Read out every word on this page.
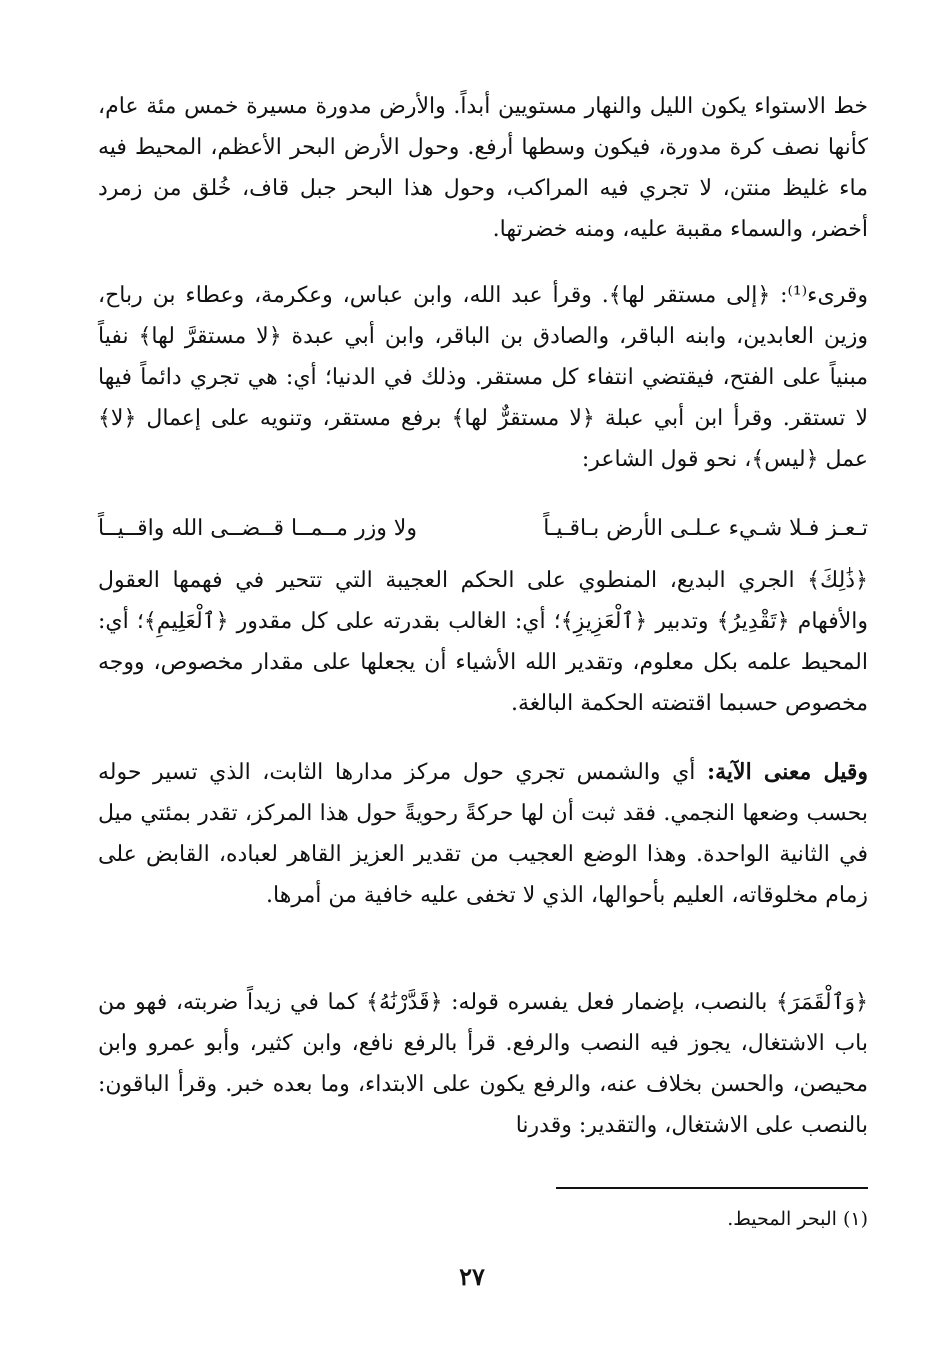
خط الاستواء يكون الليل والنهار مستويين أبداً. والأرض مدورة مسيرة خمس مئة عام، كأنها نصف كرة مدورة، فيكون وسطها أرفع. وحول الأرض البحر الأعظم، المحيط فيه ماء غليظ منتن، لا تجري فيه المراكب، وحول هذا البحر جبل قاف، خُلق من زمرد أخضر، والسماء مقببة عليه، ومنه خضرتها.

وقرىء⁽¹⁾: ﴿إلى مستقر لها﴾. وقرأ عبد الله، وابن عباس، وعكرمة، وعطاء بن رباح، وزين العابدين، وابنه الباقر، والصادق بن الباقر، وابن أبي عبدة ﴿لا مستقرَّ لها﴾ نفياً مبنياً على الفتح، فيقتضي انتفاء كل مستقر. وذلك في الدنيا؛ أي: هي تجري دائماً فيها لا تستقر. وقرأ ابن أبي عبلة ﴿لا مستقرٌّ لها﴾ برفع مستقر، وتنويه على إعمال ﴿لا﴾ عمل ﴿ليس﴾، نحو قول الشاعر:

تـعـز فـلا شـيء عـلـى الأرض بـاقـيـاً
ولا وزر مــمــا قــضــى الله واقــيــاً

﴿ذَٰلِكَ﴾ الجري البديع، المنطوي على الحكم العجيبة التي تتحير في فهمها العقول والأفهام ﴿تَقْدِيرُ﴾ وتدبير ﴿ٱلْعَزِيزِ﴾؛ أي: الغالب بقدرته على كل مقدور ﴿ٱلْعَلِيمِ﴾؛ أي: المحيط علمه بكل معلوم، وتقدير الله الأشياء أن يجعلها على مقدار مخصوص، ووجه مخصوص حسبما اقتضته الحكمة البالغة.

وقيل معنى الآية: أي والشمس تجري حول مركز مدارها الثابت، الذي تسير حوله بحسب وضعها النجمي. فقد ثبت أن لها حركةً رحويةً حول هذا المركز، تقدر بمئتي ميل في الثانية الواحدة. وهذا الوضع العجيب من تقدير العزيز القاهر لعباده، القابض على زمام مخلوقاته، العليم بأحوالها، الذي لا تخفى عليه خافية من أمرها.

﴿وَٱلْقَمَرَ﴾ بالنصب، بإضمار فعل يفسره قوله: ﴿قَدَّرْنَٰهُ﴾ كما في زيداً ضربته، فهو من باب الاشتغال، يجوز فيه النصب والرفع. قرأ بالرفع نافع، وابن كثير، وأبو عمرو وابن محيصن، والحسن بخلاف عنه، والرفع يكون على الابتداء، وما بعده خبر. وقرأ الباقون: بالنصب على الاشتغال، والتقدير: وقدرنا

(١) البحر المحيط.
٢٧
